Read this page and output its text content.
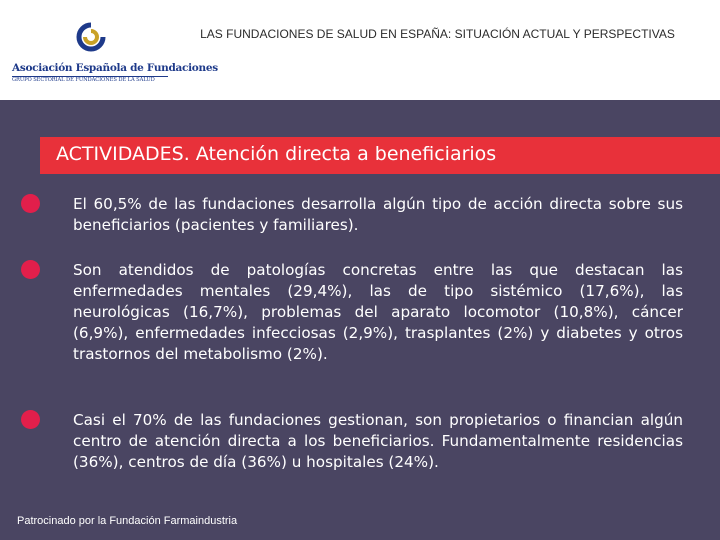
Asociación Española de Fundaciones
GRUPO SECTORIAL DE FUNDACIONES DE LA SALUD
LAS FUNDACIONES DE SALUD EN ESPAÑA: SITUACIÓN ACTUAL Y PERSPECTIVAS
ACTIVIDADES. Atención directa a beneficiarios
El 60,5% de las fundaciones desarrolla algún tipo de acción directa sobre sus beneficiarios (pacientes y familiares).
Son atendidos de patologías concretas entre las que destacan las enfermedades mentales (29,4%), las de tipo sistémico (17,6%), las neurológicas (16,7%), problemas del aparato locomotor (10,8%), cáncer (6,9%), enfermedades infecciosas (2,9%), trasplantes (2%) y diabetes y otros trastornos del metabolismo (2%).
Casi el 70% de las fundaciones gestionan, son propietarios o financian algún centro de atención directa a los beneficiarios. Fundamentalmente residencias (36%), centros de día (36%) u hospitales (24%).
Patrocinado por la Fundación Farmaindustria
